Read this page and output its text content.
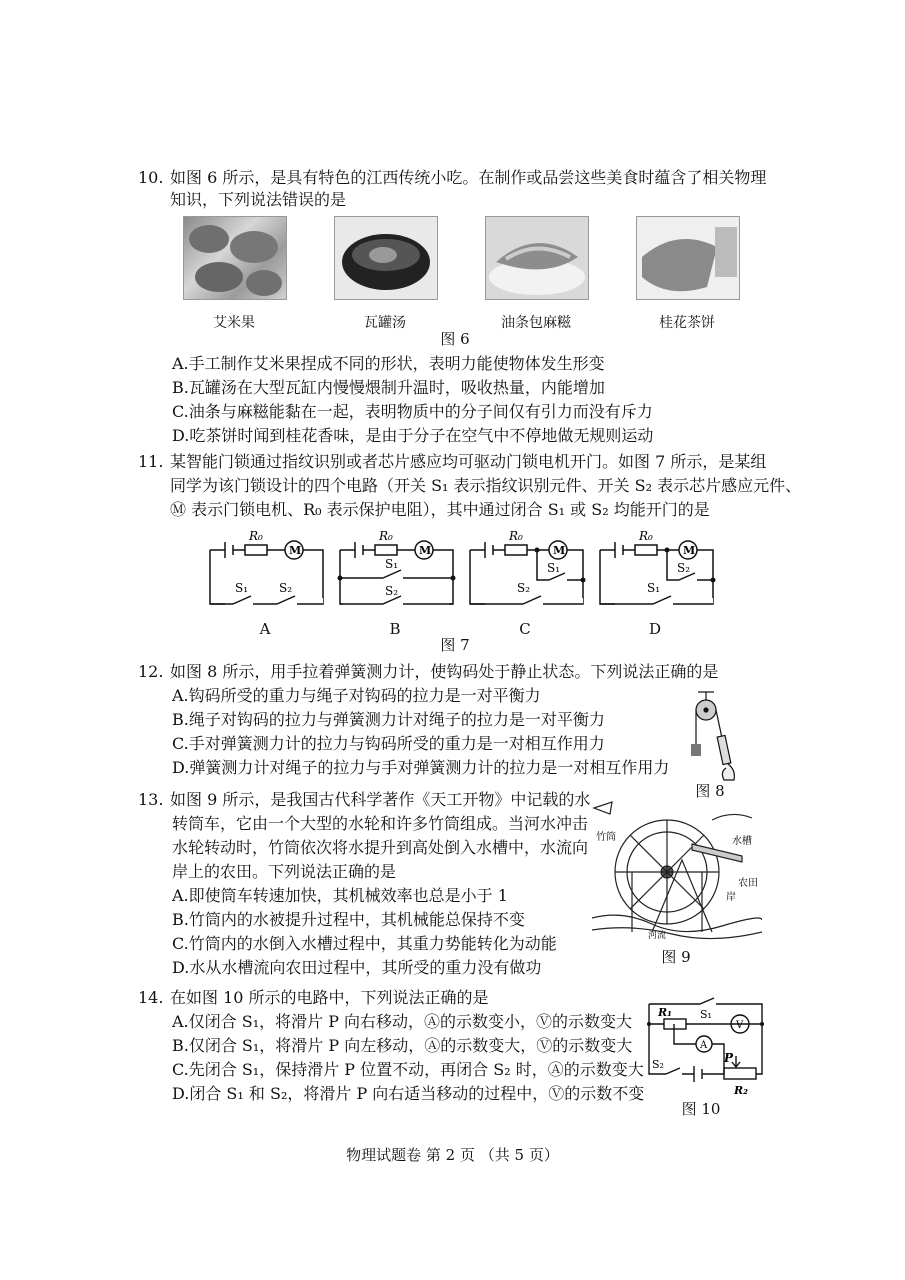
10. 如图 6 所示，是具有特色的江西传统小吃。在制作或品尝这些美食时蕴含了相关物理
知识，下列说法错误的是
艾米果	瓦罐汤	油条包麻糍	桂花茶饼
图 6
A.手工制作艾米果捏成不同的形状，表明力能使物体发生形变
B.瓦罐汤在大型瓦缸内慢慢煨制升温时，吸收热量，内能增加
C.油条与麻糍能黏在一起，表明物质中的分子间仅有引力而没有斥力
D.吃茶饼时闻到桂花香味，是由于分子在空气中不停地做无规则运动
11. 某智能门锁通过指纹识别或者芯片感应均可驱动门锁电机开门。如图 7 所示，是某组
同学为该门锁设计的四个电路（开关 S₁ 表示指纹识别元件、开关 S₂ 表示芯片感应元件、
Ⓜ 表示门锁电机、R₀ 表示保护电阻），其中通过闭合 S₁ 或 S₂ 均能开门的是
R₀
M
S₁	S₂
R₀
M
S₁
S₂
R₀
M
S₁
S₂
R₀
M
S₂
S₁
A	B	C	D
图 7
12. 如图 8 所示，用手拉着弹簧测力计，使钩码处于静止状态。下列说法正确的是
A.钩码所受的重力与绳子对钩码的拉力是一对平衡力
B.绳子对钩码的拉力与弹簧测力计对绳子的拉力是一对平衡力
C.手对弹簧测力计的拉力与钩码所受的重力是一对相互作用力
D.弹簧测力计对绳子的拉力与手对弹簧测力计的拉力是一对相互作用力
图 8
13. 如图 9 所示，是我国古代科学著作《天工开物》中记载的水
转筒车，它由一个大型的水轮和许多竹筒组成。当河水冲击
水轮转动时，竹筒依次将水提升到高处倒入水槽中，水流向
岸上的农田。下列说法正确的是
A.即使筒车转速加快，其机械效率也总是小于 1
B.竹筒内的水被提升过程中，其机械能总保持不变
C.竹筒内的水倒入水槽过程中，其重力势能转化为动能
D.水从水槽流向农田过程中，其所受的重力没有做功
竹筒	水槽
农田
岸
河流
图 9
14. 在如图 10 所示的电路中，下列说法正确的是
A.仅闭合 S₁，将滑片 P 向右移动，Ⓐ的示数变小，Ⓥ的示数变大
B.仅闭合 S₁，将滑片 P 向左移动，Ⓐ的示数变大，Ⓥ的示数变大
C.先闭合 S₁，保持滑片 P 位置不动，再闭合 S₂ 时，Ⓐ的示数变大
D.闭合 S₁ 和 S₂，将滑片 P 向右适当移动的过程中，Ⓥ的示数不变
R₁	S₁
V
A
S₂	P
R₂
图 10
物理试题卷 第 2 页 （共 5 页）
